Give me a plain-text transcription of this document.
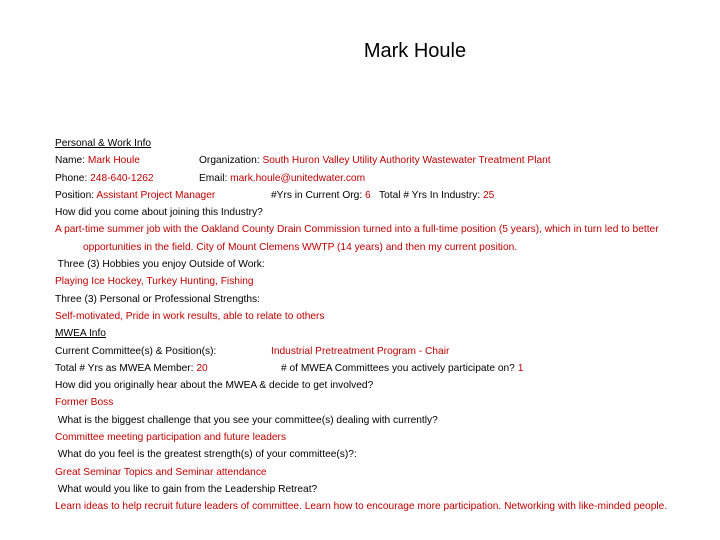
Mark Houle
Personal & Work Info
Name: Mark Houle	Organization: South Huron Valley Utility Authority Wastewater Treatment Plant
Phone: 248-640-1262	Email: mark.houle@unitedwater.com
Position: Assistant Project Manager	#Yrs in Current Org: 6 Total # Yrs In Industry: 25
How did you come about joining this Industry?
A part-time summer job with the Oakland County Drain Commission turned into a full-time position (5 years), which in turn led to better opportunities in the field. City of Mount Clemens WWTP (14 years) and then my current position.
Three (3) Hobbies you enjoy Outside of Work:
Playing Ice Hockey, Turkey Hunting, Fishing
Three (3) Personal or Professional Strengths:
Self-motivated, Pride in work results, able to relate to others
MWEA Info
Current Committee(s) & Position(s):	Industrial Pretreatment Program - Chair
Total # Yrs as MWEA Member: 20	# of MWEA Committees you actively participate on? 1
How did you originally hear about the MWEA & decide to get involved?
Former Boss
What is the biggest challenge that you see your committee(s) dealing with currently?
Committee meeting participation and future leaders
What do you feel is the greatest strength(s) of your committee(s)?:
Great Seminar Topics and Seminar attendance
What would you like to gain from the Leadership Retreat?
Learn ideas to help recruit future leaders of committee. Learn how to encourage more participation. Networking with like-minded people.
